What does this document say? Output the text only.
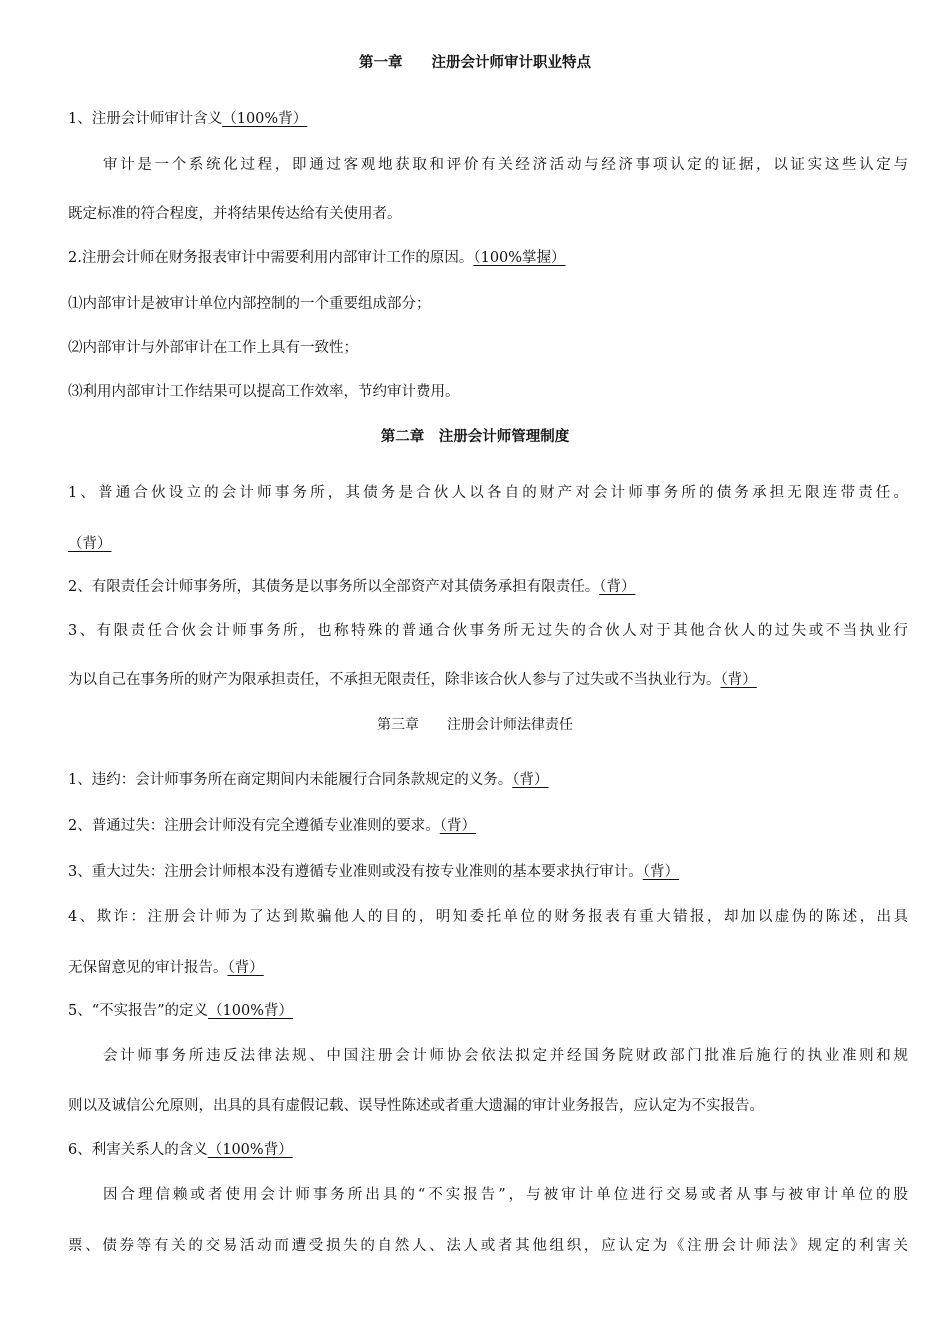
第一章　　注册会计师审计职业特点
1、注册会计师审计含义（100%背）
审计是一个系统化过程，即通过客观地获取和评价有关经济活动与经济事项认定的证据，以证实这些认定与
既定标准的符合程度，并将结果传达给有关使用者。
2.注册会计师在财务报表审计中需要利用内部审计工作的原因。（100%掌握）
⑴内部审计是被审计单位内部控制的一个重要组成部分；
⑵内部审计与外部审计在工作上具有一致性；
⑶利用内部审计工作结果可以提高工作效率，节约审计费用。
第二章　注册会计师管理制度
1、普通合伙设立的会计师事务所，其债务是合伙人以各自的财产对会计师事务所的债务承担无限连带责任。
（背）
2、有限责任会计师事务所，其债务是以事务所以全部资产对其债务承担有限责任。（背）
3、有限责任合伙会计师事务所，也称特殊的普通合伙事务所无过失的合伙人对于其他合伙人的过失或不当执业行
为以自己在事务所的财产为限承担责任，不承担无限责任，除非该合伙人参与了过失或不当执业行为。（背）
第三章　　注册会计师法律责任
1、违约：会计师事务所在商定期间内未能履行合同条款规定的义务。（背）
2、普通过失：注册会计师没有完全遵循专业准则的要求。（背）
3、重大过失：注册会计师根本没有遵循专业准则或没有按专业准则的基本要求执行审计。（背）
4、欺诈：注册会计师为了达到欺骗他人的目的，明知委托单位的财务报表有重大错报，却加以虚伪的陈述，出具
无保留意见的审计报告。（背）
5、“不实报告”的定义（100%背）
会计师事务所违反法律法规、中国注册会计师协会依法拟定并经国务院财政部门批准后施行的执业准则和规
则以及诚信公允原则，出具的具有虚假记载、误导性陈述或者重大遗漏的审计业务报告，应认定为不实报告。
6、利害关系人的含义（100%背）
因合理信赖或者使用会计师事务所出具的“不实报告”，与被审计单位进行交易或者从事与被审计单位的股
票、债券等有关的交易活动而遭受损失的自然人、法人或者其他组织，应认定为《注册会计师法》规定的利害关
